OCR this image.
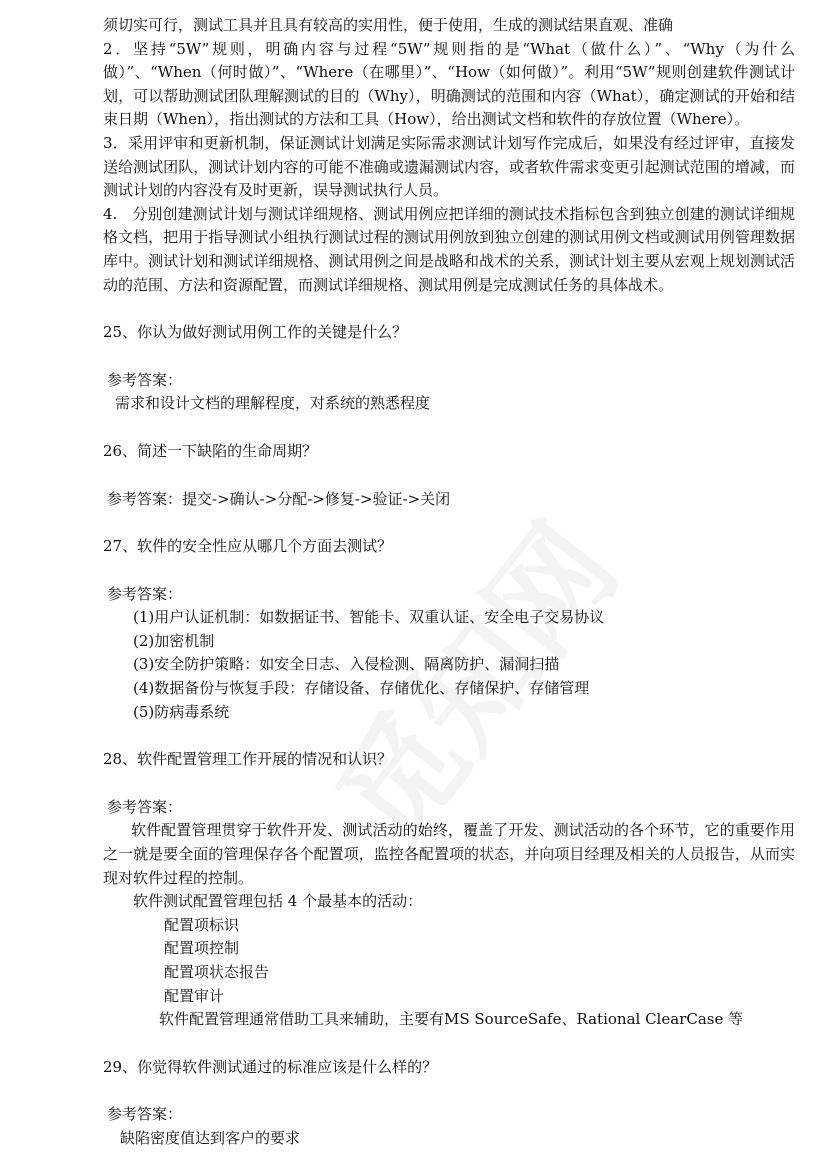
须切实可行，测试工具并且具有较高的实用性，便于使用，生成的测试结果直观、准确

2．坚持“5W”规则，明确内容与过程“5W”规则指的是“What（做什么）”、“Why（为什么做）”、“When（何时做）”、“Where（在哪里）”、“How（如何做）”。利用“5W”规则创建软件测试计划，可以帮助测试团队理解测试的目的（Why），明确测试的范围和内容（What），确定测试的开始和结束日期（When），指出测试的方法和工具（How），给出测试文档和软件的存放位置（Where）。

3．采用评审和更新机制，保证测试计划满足实际需求测试计划写作完成后，如果没有经过评审，直接发送给测试团队，测试计划内容的可能不准确或遗漏测试内容，或者软件需求变更引起测试范围的增减，而测试计划的内容没有及时更新，误导测试执行人员。

4.　分别创建测试计划与测试详细规格、测试用例应把详细的测试技术指标包含到独立创建的测试详细规格文档，把用于指导测试小组执行测试过程的测试用例放到独立创建的测试用例文档或测试用例管理数据库中。测试计划和测试详细规格、测试用例之间是战略和战术的关系，测试计划主要从宏观上规划测试活动的范围、方法和资源配置，而测试详细规格、测试用例是完成测试任务的具体战术。

25、你认为做好测试用例工作的关键是什么？

参考答案：

需求和设计文档的理解程度，对系统的熟悉程度

26、简述一下缺陷的生命周期？

参考答案：提交->确认->分配->修复->验证->关闭

27、软件的安全性应从哪几个方面去测试？

参考答案：

(1)用户认证机制：如数据证书、智能卡、双重认证、安全电子交易协议

(2)加密机制

(3)安全防护策略：如安全日志、入侵检测、隔离防护、漏洞扫描

(4)数据备份与恢复手段：存储设备、存储优化、存储保护、存储管理

(5)防病毒系统

28、软件配置管理工作开展的情况和认识？

参考答案：

软件配置管理贯穿于软件开发、测试活动的始终，覆盖了开发、测试活动的各个环节，它的重要作用之一就是要全面的管理保存各个配置项，监控各配置项的状态，并向项目经理及相关的人员报告，从而实现对软件过程的控制。

软件测试配置管理包括 4 个最基本的活动：

配置项标识

配置项控制

配置项状态报告

配置审计

软件配置管理通常借助工具来辅助，主要有MS SourceSafe、Rational ClearCase 等

29、你觉得软件测试通过的标准应该是什么样的？

参考答案：

缺陷密度值达到客户的要求
